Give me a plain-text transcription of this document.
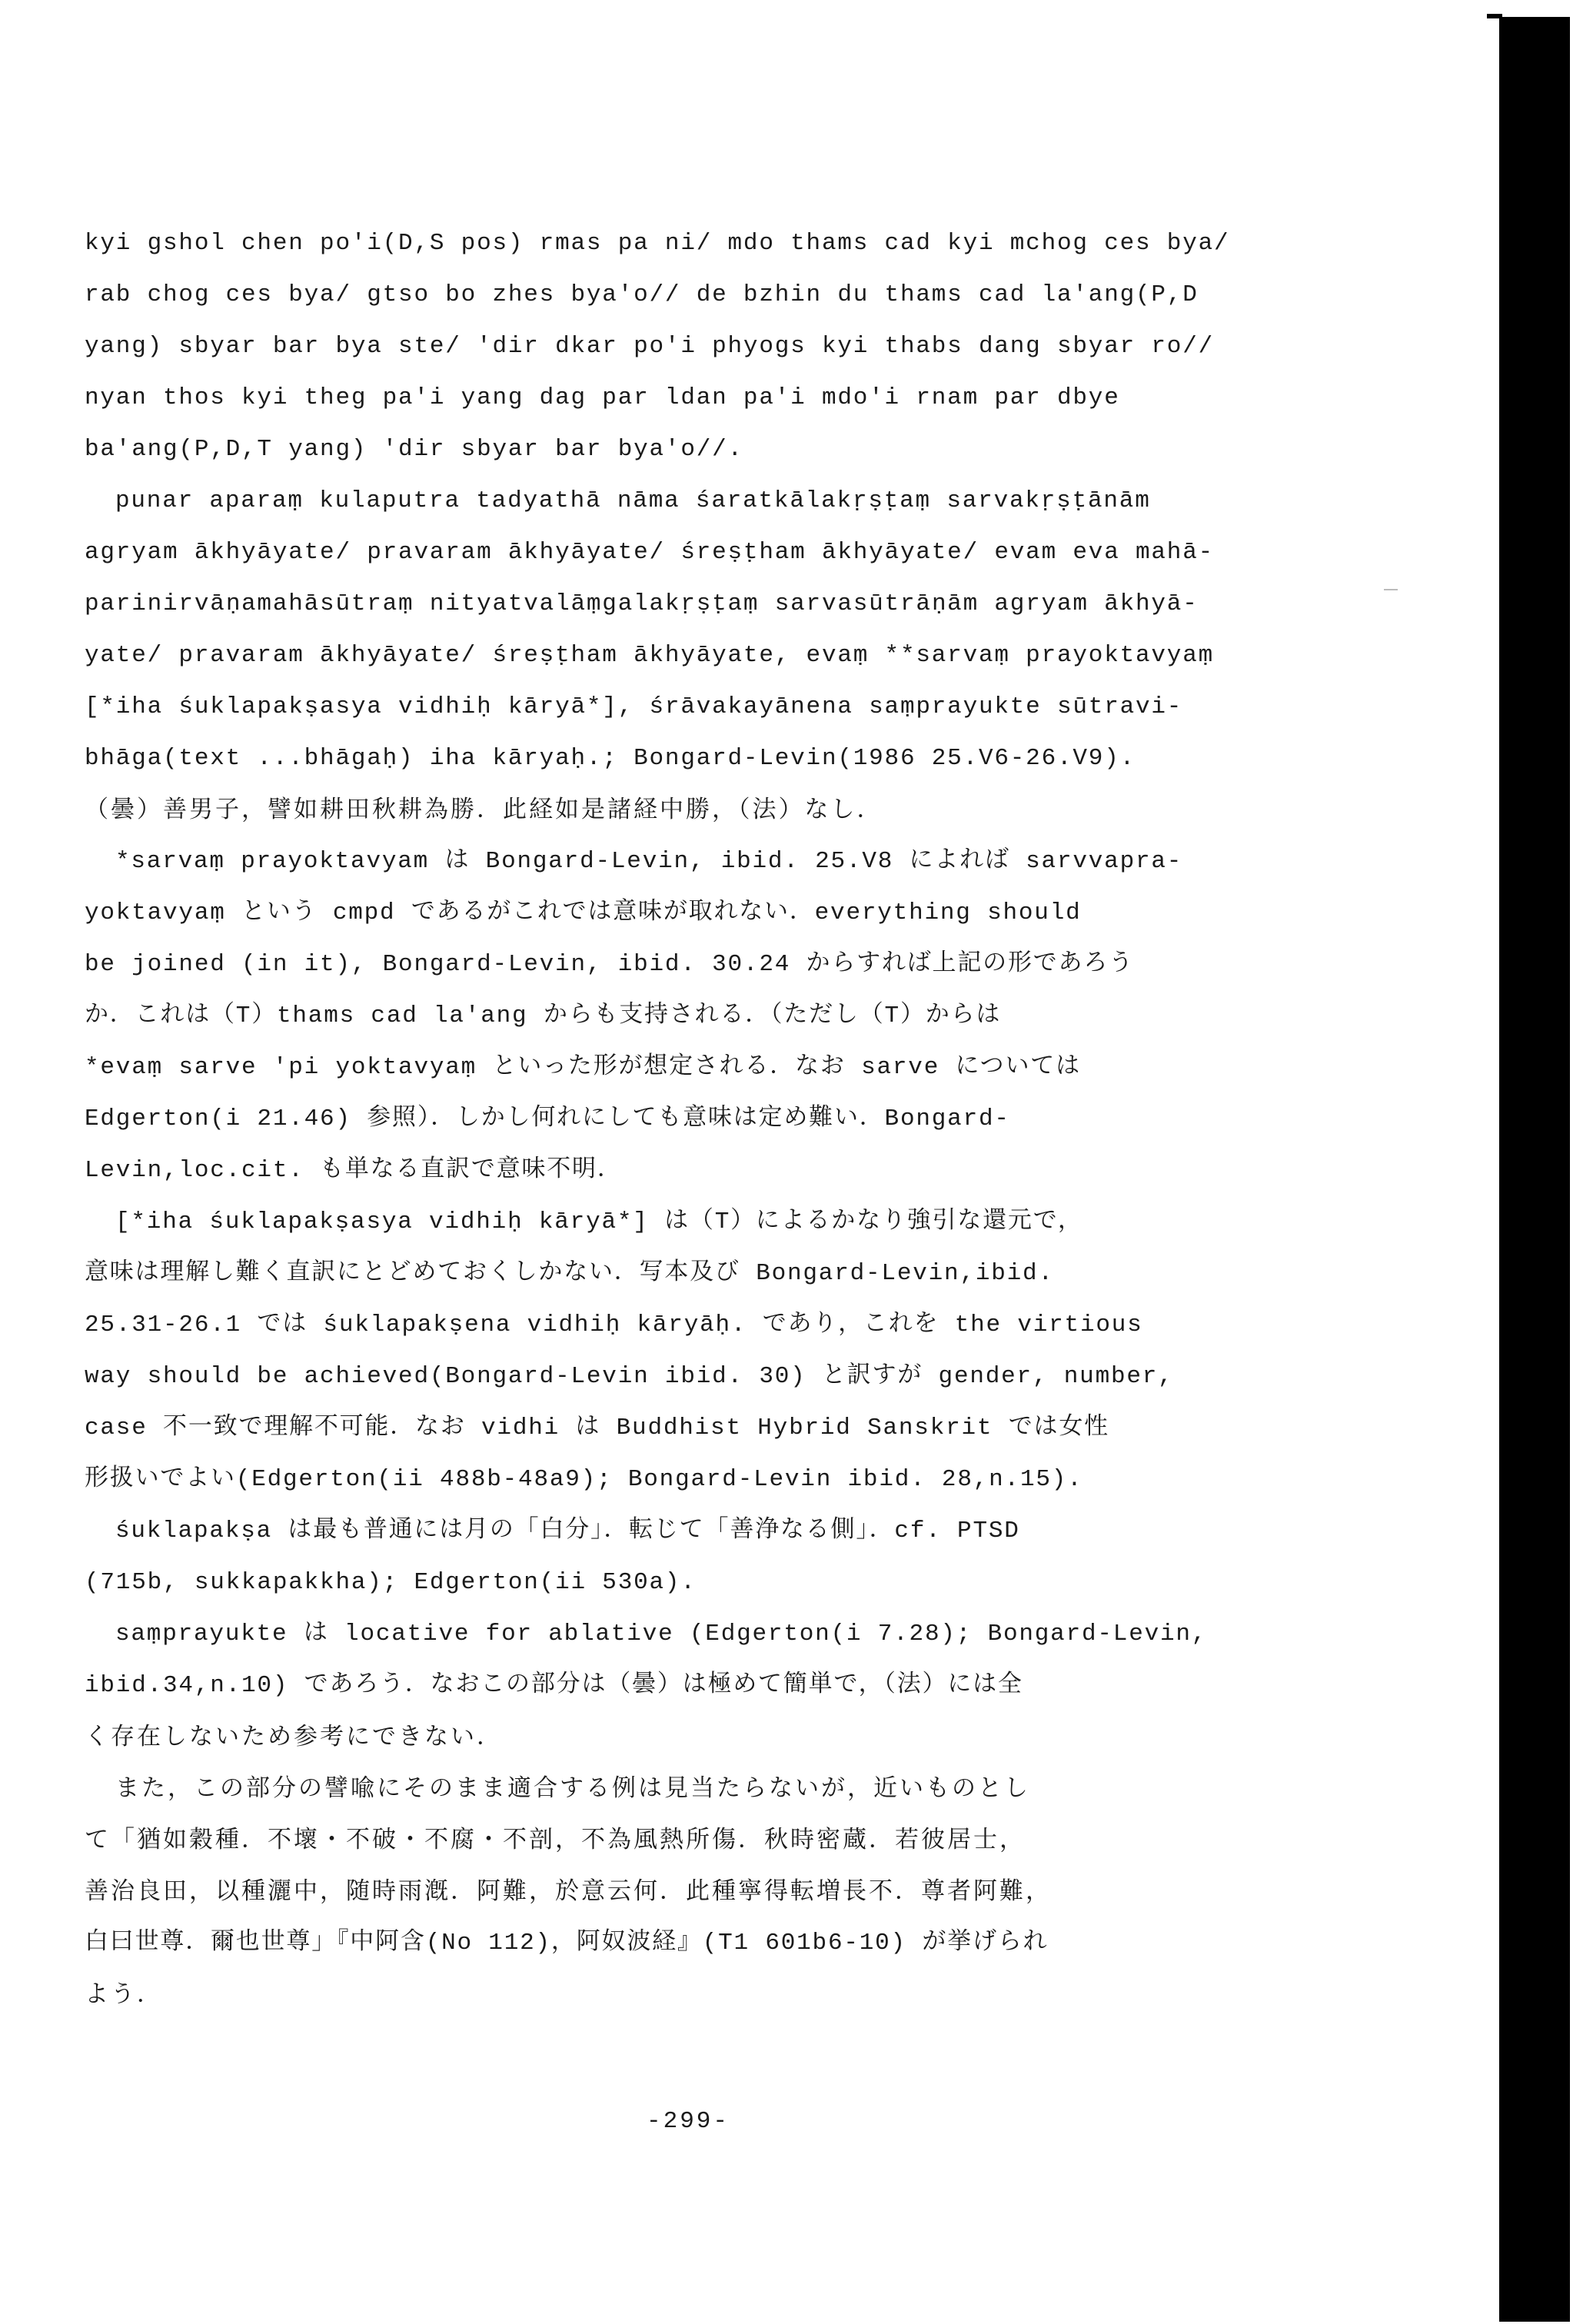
kyi gshol chen po'i(D,S pos) rmas pa ni/ mdo thams cad kyi mchog ces bya/
rab chog ces bya/ gtso bo zhes bya'o// de bzhin du thams cad la'ang(P,D
yang) sbyar bar bya ste/ 'dir dkar po'i phyogs kyi thabs dang sbyar ro//
nyan thos kyi theg pa'i yang dag par ldan pa'i mdo'i rnam par dbye
ba'ang(P,D,T yang) 'dir sbyar bar bya'o//.
punar aparaṃ kulaputra tadyathā nāma śaratkālakṛṣṭaṃ sarvakṛṣṭānām
agryam ākhyāyate/ pravaram ākhyāyate/ śreṣṭham ākhyāyate/ evam eva mahā-
parinirvāṇamahāsūtraṃ nityatvalāṃgalakṛṣṭaṃ sarvasūtrāṇām agryam ākhyā-
yate/ pravaram ākhyāyate/ śreṣṭham ākhyāyate, evaṃ **sarvaṃ prayoktavyaṃ
[*iha śuklapakṣasya vidhiḥ kāryā*], śrāvakayānena saṃprayukte sūtravi-
bhāga(text ...bhāgaḥ) iha kāryaḥ.; Bongard-Levin(1986 25.V6-26.V9).
（曇）善男子，譬如耕田秋耕為勝．此経如是諸経中勝，（法）なし．
*sarvaṃ prayoktavyam は Bongard-Levin, ibid. 25.V8 によれば sarvvapra-
yoktavyaṃ という cmpd であるがこれでは意味が取れない．everything should
be joined (in it), Bongard-Levin, ibid. 30.24 からすれば上記の形であろう
か．これは（T）thams cad la'ang からも支持される．（ただし（T）からは
*evaṃ sarve 'pi yoktavyaṃ といった形が想定される．なお sarve については
Edgerton(i 21.46) 参照）．しかし何れにしても意味は定め難い．Bongard-
Levin,loc.cit. も単なる直訳で意味不明．
[*iha śuklapakṣasya vidhiḥ kāryā*] は（T）によるかなり強引な還元で，
意味は理解し難く直訳にとどめておくしかない．写本及び Bongard-Levin,ibid.
25.31-26.1 では śuklapakṣena vidhiḥ kāryāḥ. であり，これを the virtious
way should be achieved(Bongard-Levin ibid. 30) と訳すが gender, number,
case 不一致で理解不可能．なお vidhi は Buddhist Hybrid Sanskrit では女性
形扱いでよい(Edgerton(ii 488b-48a9); Bongard-Levin ibid. 28,n.15).
śuklapakṣa は最も普通には月の「白分」．転じて「善浄なる側」．cf. PTSD
(715b, sukkapakkha); Edgerton(ii 530a).
saṃprayukte は locative for ablative (Edgerton(i 7.28); Bongard-Levin,
ibid.34,n.10) であろう．なおこの部分は（曇）は極めて簡単で，（法）には全
く存在しないため参考にできない．
また，この部分の譬喩にそのまま適合する例は見当たらないが，近いものとし
て「猶如穀種．不壞・不破・不腐・不剖，不為風熱所傷．秋時密蔵．若彼居士，
善治良田，以種灑中，随時雨漑．阿難，於意云何．此種寧得転増長不．尊者阿難，
白曰世尊．爾也世尊」『中阿含(No 112)，阿奴波経』(T1 601b6-10) が挙げられ
よう．
-299-
